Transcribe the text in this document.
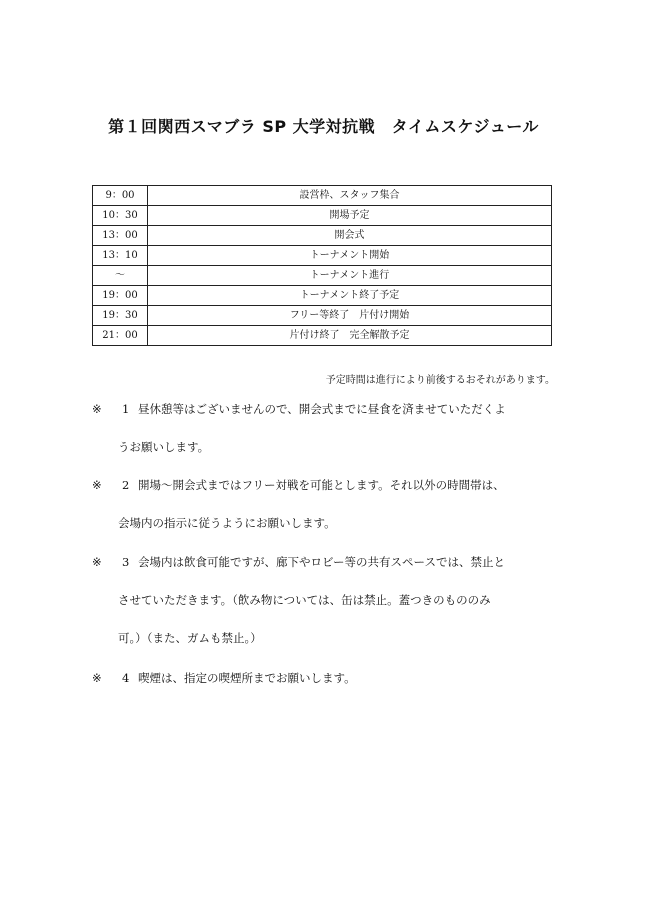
第１回関西スマブラ SP 大学対抗戦　タイムスケジュール
9：00	設営枠、スタッフ集合
10：30	開場予定
13：00	開会式
13：10	トーナメント開始
～	トーナメント進行
19：00	トーナメント終了予定
19：30	フリー等終了　片付け開始
21：00	片付け終了　完全解散予定
予定時間は進行により前後するおそれがあります。
※ 1 昼休憩等はございませんので、開会式までに昼食を済ませていただくよ
うお願いします。
※ 2 開場～開会式まではフリー対戦を可能とします。それ以外の時間帯は、
会場内の指示に従うようにお願いします。
※ 3 会場内は飲食可能ですが、廊下やロビー等の共有スペースでは、禁止と
させていただきます。（飲み物については、缶は禁止。蓋つきのもののみ
可。）（また、ガムも禁止。）
※ 4 喫煙は、指定の喫煙所までお願いします。
